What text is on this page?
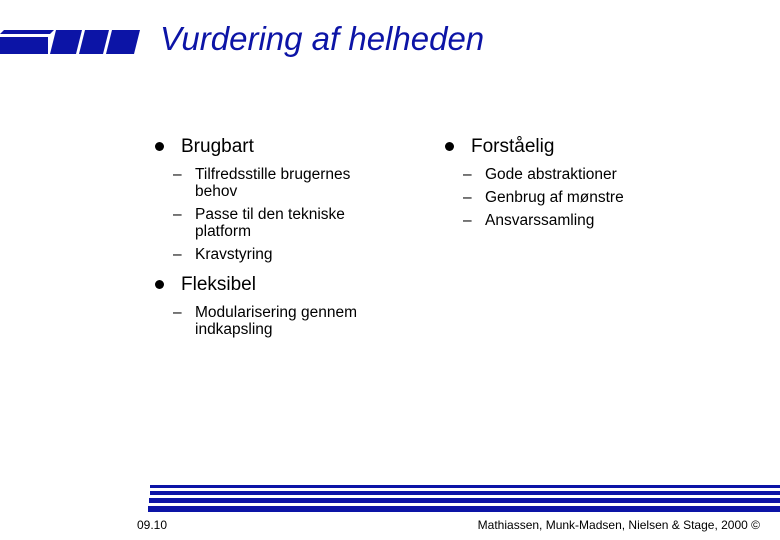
Vurdering af helheden
Brugbart
– Tilfredsstille brugernes behov
– Passe til den tekniske platform
– Kravstyring
Fleksibel
– Modularisering gennem indkapsling
Forståelig
– Gode abstraktioner
– Genbrug af mønstre
– Ansvarssamling
09.10	Mathiassen, Munk-Madsen, Nielsen & Stage, 2000 ©
